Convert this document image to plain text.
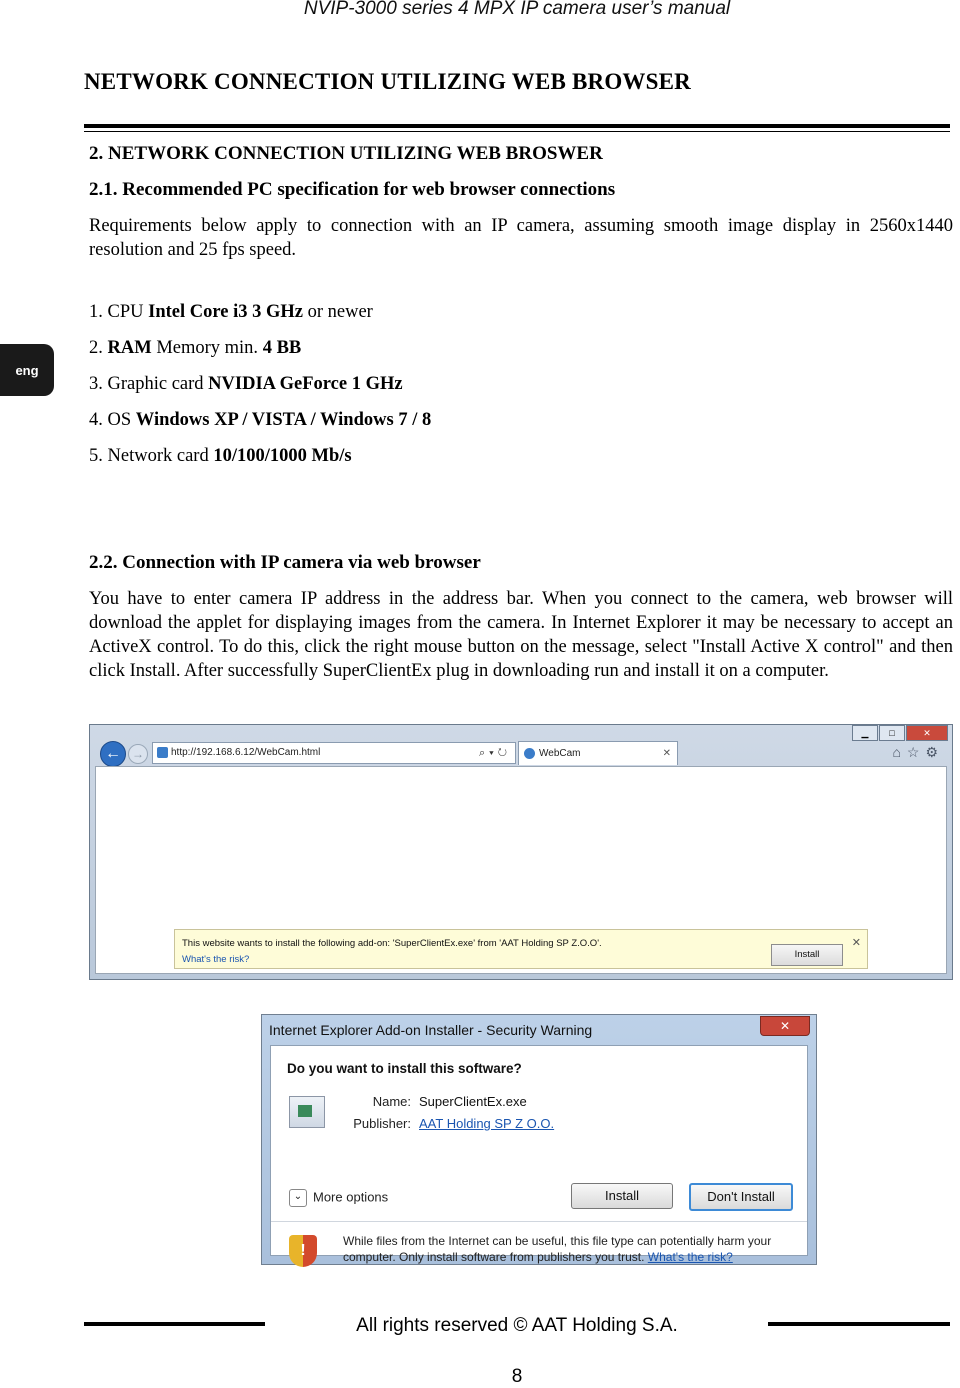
NVIP-3000 series 4 MPX IP camera user’s manual
NETWORK CONNECTION UTILIZING WEB BROWSER
eng
2. NETWORK CONNECTION UTILIZING WEB BROSWER
2.1. Recommended PC specification for web browser connections
Requirements below apply to connection with an IP camera, assuming smooth image display in 2560x1440 resolution and 25 fps speed.
1. CPU Intel Core i3 3 GHz or newer
2. RAM Memory min. 4 BB
3. Graphic card NVIDIA GeForce 1 GHz
4. OS Windows XP / VISTA / Windows 7 / 8
5. Network card 10/100/1000 Mb/s
2.2. Connection with IP camera via web browser
You have to enter camera IP address in the address bar. When you connect to the camera, web browser will download the applet for displaying images from the camera. In Internet Explorer it may be necessary to accept an ActiveX control. To do this, click the right mouse button on the message, select "Install Active X control" and then click Install. After successfully SuperClientEx plug in downloading run and install it on a computer.
▁	□	✕
← →	http://192.168.6.12/WebCam.html	⌕▾↻	WebCam	✕	⌂☆⚙
This website wants to install the following add-on: 'SuperClientEx.exe' from 'AAT Holding SP Z.O.O'.
What's the risk?
✕
Install
Internet Explorer Add-on Installer - Security Warning	✕
Do you want to install this software?
Name: SuperClientEx.exe
Publisher: AAT Holding SP Z O.O.
⌄ More options	Install	Don't Install
!
While files from the Internet can be useful, this file type can potentially harm your computer. Only install software from publishers you trust. What's the risk?
All rights reserved © AAT Holding S.A.
8
